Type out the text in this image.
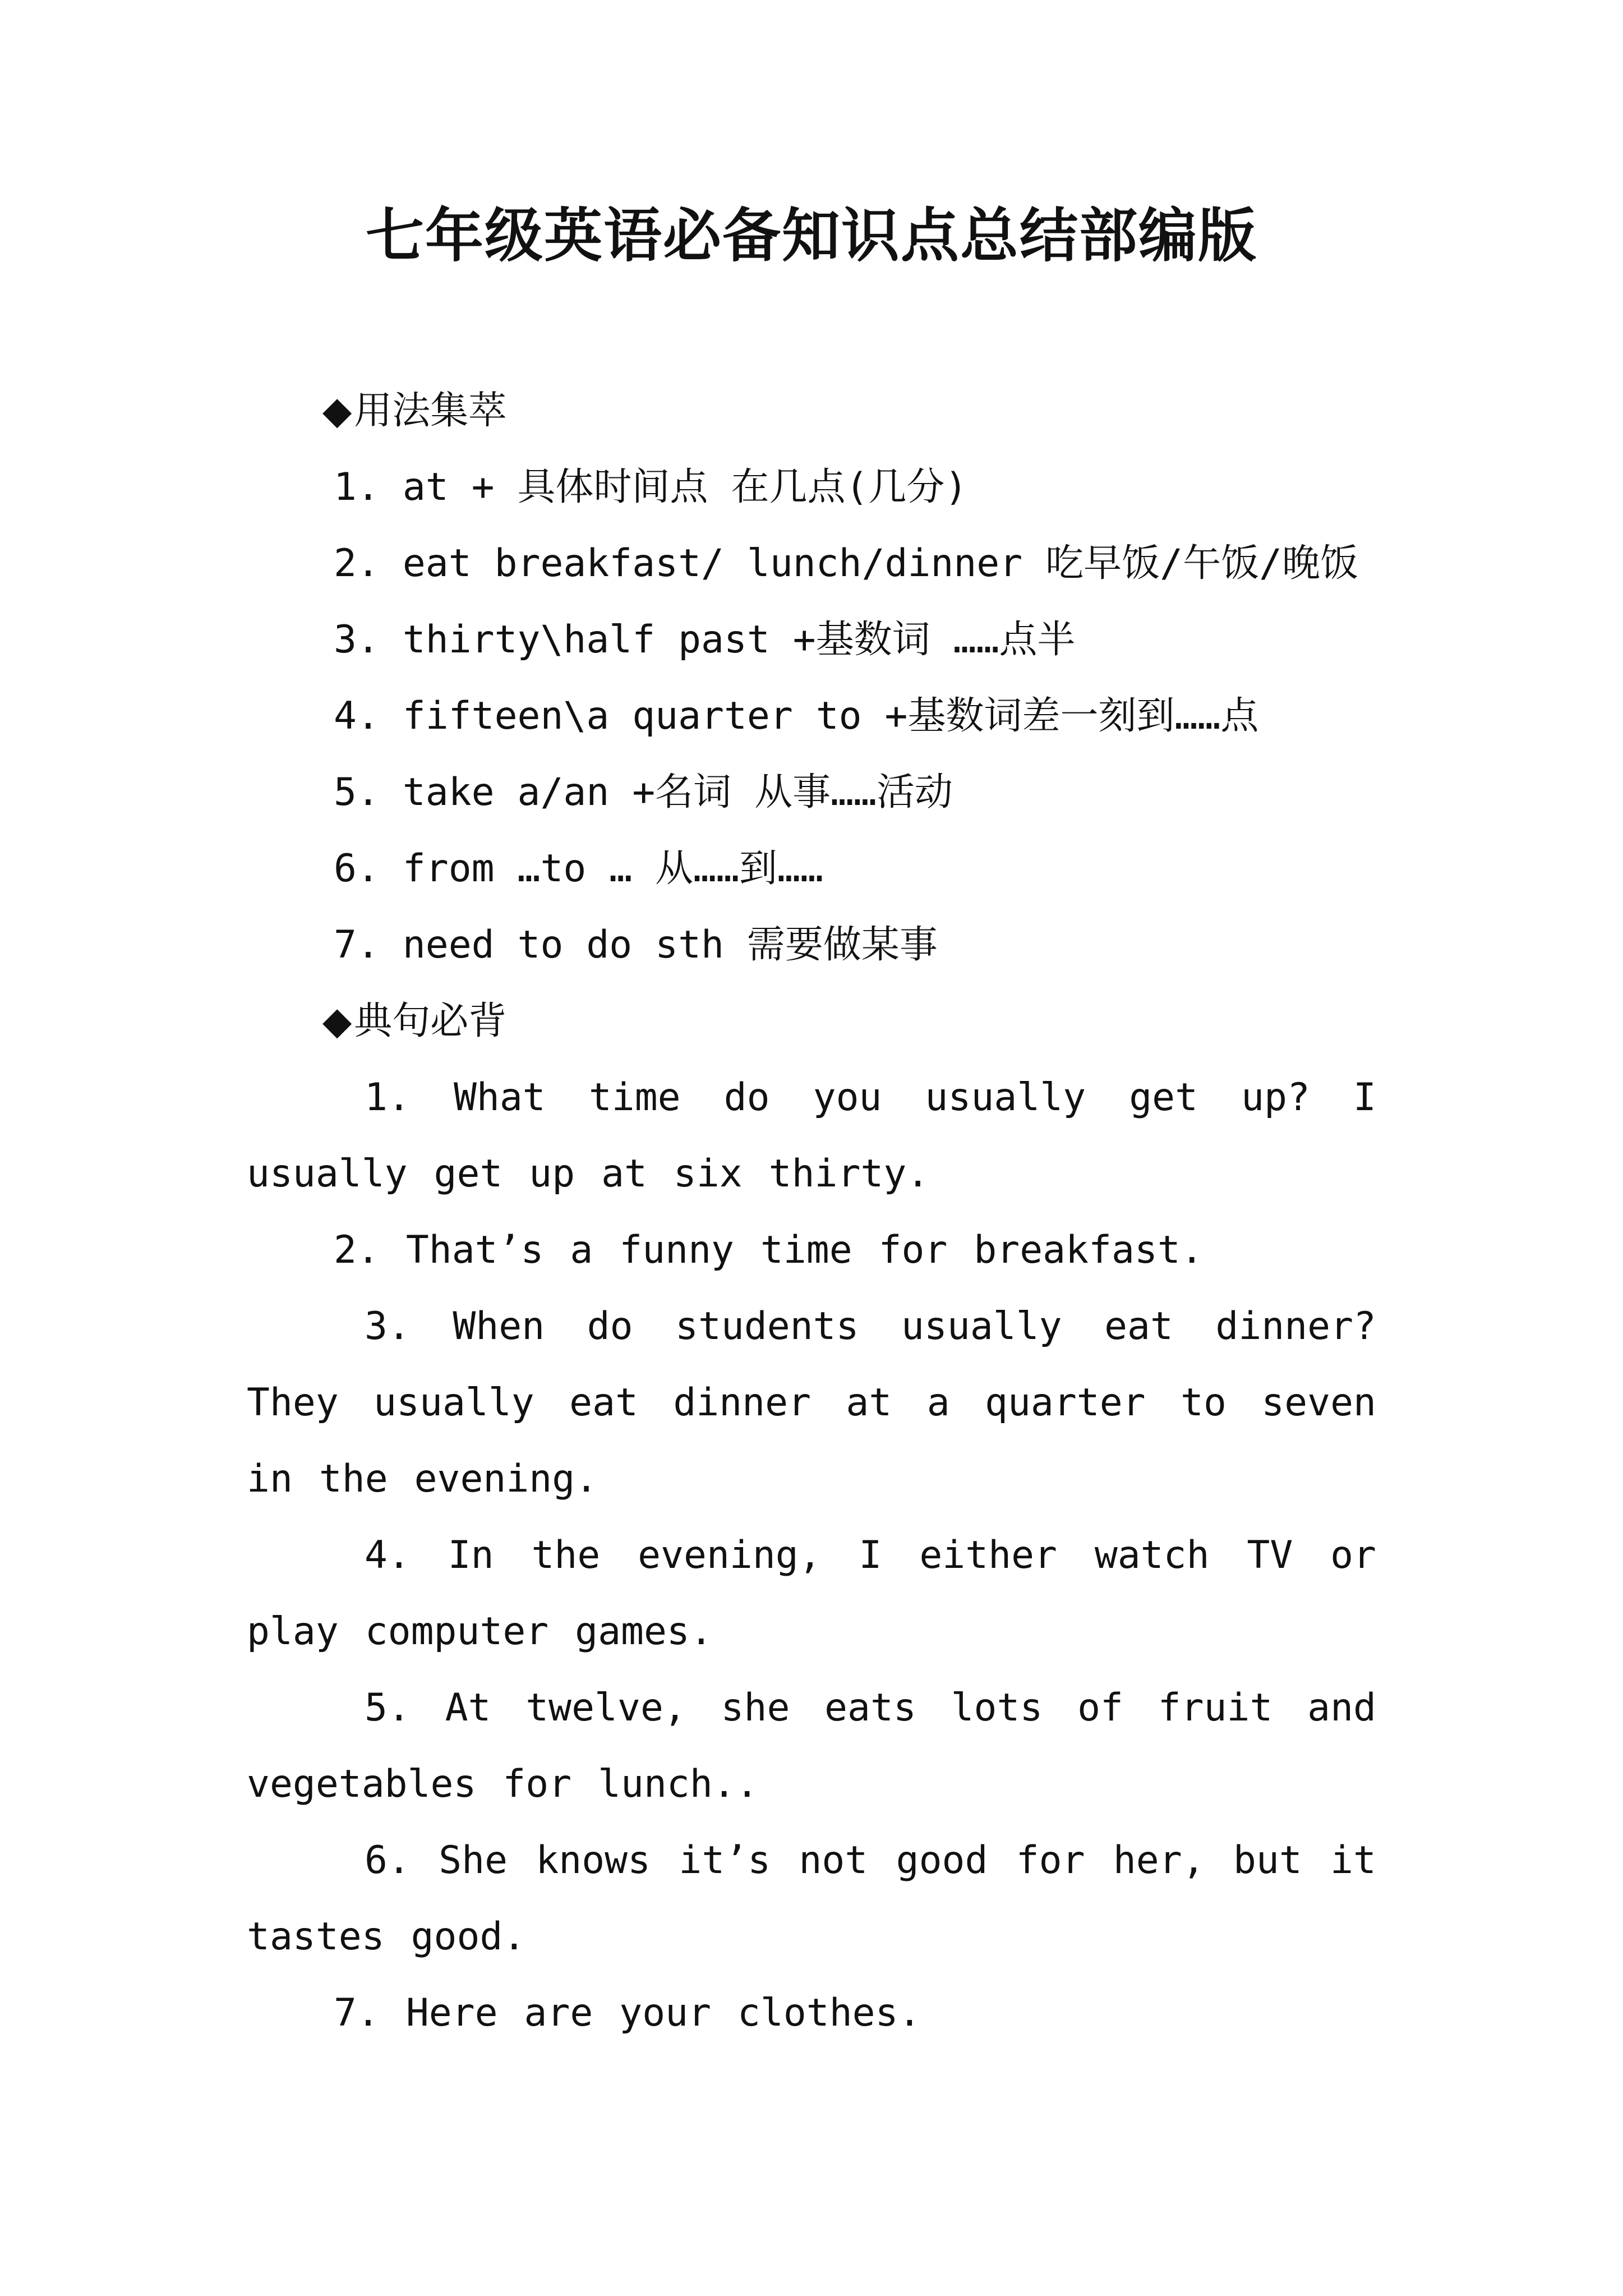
七年级英语必备知识点总结部编版
◆用法集萃
1. at + 具体时间点 在几点(几分)
2. eat breakfast/ lunch/dinner 吃早饭/午饭/晚饭
3. thirty\half past +基数词 ……点半
4. fifteen\a quarter to +基数词差一刻到……点
5. take a/an +名词 从事……活动
6. from …to … 从……到……
7. need to do sth 需要做某事
◆典句必背
1. What time do you usually get up? I usually get up at six thirty.
2. That’s a funny time for breakfast.
3. When do students usually eat dinner? They usually eat dinner at a quarter to seven in the evening.
4. In the evening, I either watch TV or play computer games.
5. At twelve, she eats lots of fruit and vegetables for lunch..
6. She knows it’s not good for her, but it tastes good.
7. Here are your clothes.
